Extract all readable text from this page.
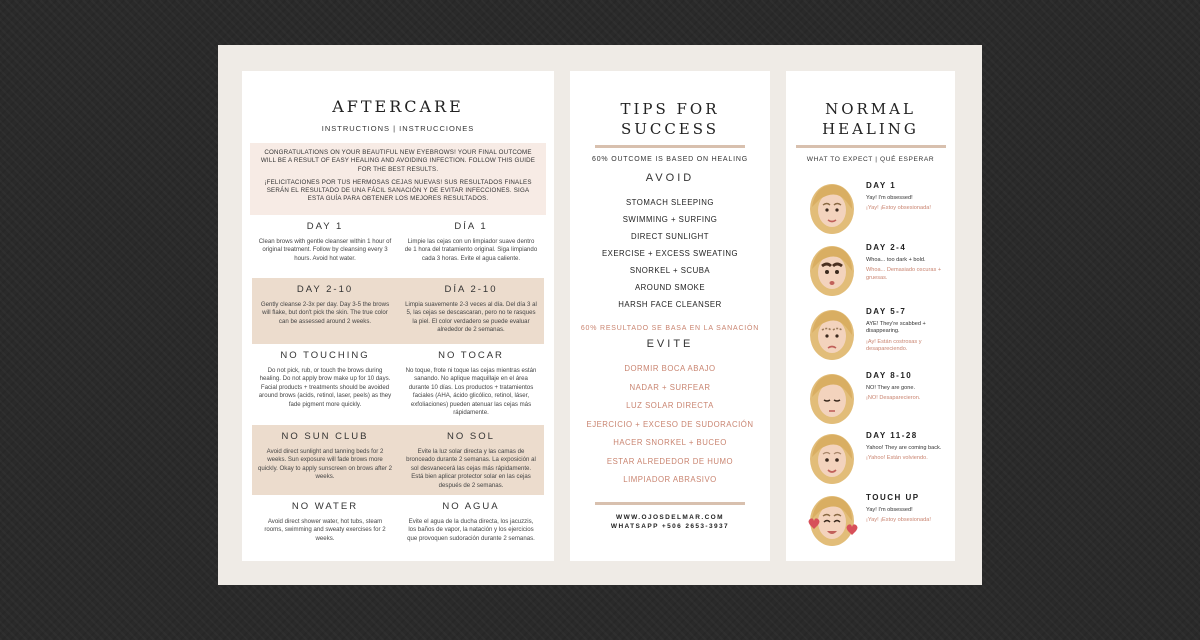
AFTERCARE
INSTRUCTIONS | INSTRUCCIONES

CONGRATULATIONS ON YOUR BEAUTIFUL NEW EYEBROWS! YOUR FINAL OUTCOME WILL BE A RESULT OF EASY HEALING AND AVOIDING INFECTION. FOLLOW THIS GUIDE FOR THE BEST RESULTS.

¡FELICITACIONES POR TUS HERMOSAS CEJAS NUEVAS! SUS RESULTADOS FINALES SERÁN EL RESULTADO DE UNA FÁCIL SANACIÓN Y DE EVITAR INFECCIONES. SIGA ESTA GUÍA PARA OBTENER LOS MEJORES RESULTADOS.

DAY 1
Clean brows with gentle cleanser within 1 hour of original treatment. Follow by cleansing every 3 hours. Avoid hot water.
DÍA 1
Limpie las cejas con un limpiador suave dentro de 1 hora del tratamiento original. Siga limpiando cada 3 horas. Evite el agua caliente.
DAY 2-10
Gently cleanse 2-3x per day. Day 3-5 the brows will flake, but don't pick the skin. The true color can be assessed around 2 weeks.
DÍA 2-10
Limpia suavemente 2-3 veces al día. Del día 3 al 5, las cejas se descascaran, pero no te rasques la piel. El color verdadero se puede evaluar alrededor de 2 semanas.
NO TOUCHING
Do not pick, rub, or touch the brows during healing. Do not apply brow make up for 10 days. Facial products + treatments should be avoided around brows (acids, retinol, laser, peels) as they fade pigment more quickly.
NO TOCAR
No toque, frote ni toque las cejas mientras están sanando. No aplique maquillaje en el área durante 10 días. Los productos + tratamientos faciales (AHA, ácido glicólico, retinol, láser, exfoliaciones) pueden atenuar las cejas más rápidamente.
NO SUN CLUB
Avoid direct sunlight and tanning beds for 2 weeks. Sun exposure will fade brows more quickly. Okay to apply sunscreen on brows after 2 weeks.
NO SOL
Evite la luz solar directa y las camas de bronceado durante 2 semanas. La exposición al sol desvanecerá las cejas más rápidamente. Está bien aplicar protector solar en las cejas después de 2 semanas.
NO WATER
Avoid direct shower water, hot tubs, steam rooms, swimming and sweaty exercises for 2 weeks.
NO AGUA
Evite el agua de la ducha directa, los jacuzzis, los baños de vapor, la natación y los ejercicios que provoquen sudoración durante 2 semanas.
TIPS FOR
SUCCESS
60% OUTCOME IS BASED ON HEALING
AVOID
STOMACH SLEEPING
SWIMMING + SURFING
DIRECT SUNLIGHT
EXERCISE + EXCESS SWEATING
SNORKEL + SCUBA
AROUND SMOKE
HARSH FACE CLEANSER
60% RESULTADO SE BASA EN LA SANACIÓN
EVITE
DORMIR BOCA ABAJO
NADAR + SURFEAR
LUZ SOLAR DIRECTA
EJERCICIO + EXCESO DE SUDORACIÓN
HACER SNORKEL + BUCEO
ESTAR ALREDEDOR DE HUMO
LIMPIADOR ABRASIVO
WWW.OJOSDELMAR.COM
WHATSAPP +506 2653-3937
NORMAL
HEALING
WHAT TO EXPECT | QUÉ ESPERAR
DAY 1
Yay! I'm obsessed!
¡Yay! ¡Estoy obsesionada!
DAY 2-4
Whoa... too dark + bold.
Whoa... Demasiado oscuras + gruesas.
DAY 5-7
AYE! They're scabbed + disappearing.
¡Ay! Están costrosas y desapareciendo.
DAY 8-10
NO! They are gone.
¡NO! Desaparecieron.
DAY 11-28
Yahoo! They are coming back.
¡Yahoo! Están volviendo.
TOUCH UP
Yay! I'm obsessed!
¡Yay! ¡Estoy obsesionada!
